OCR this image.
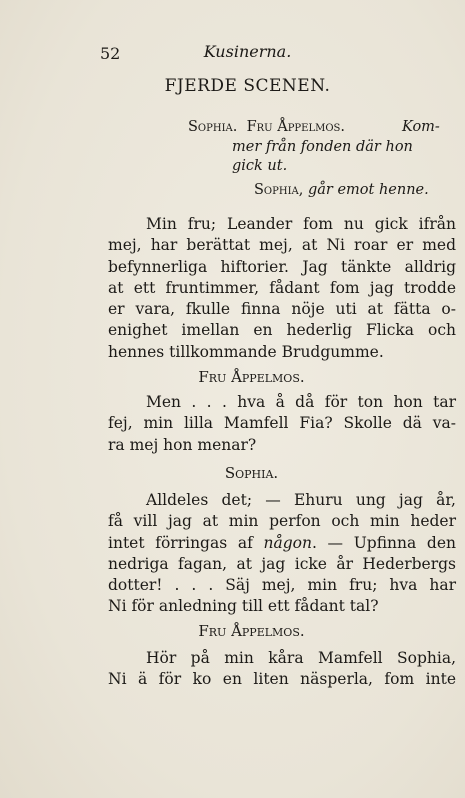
52	Kusinerna.
FJERDE SCENEN.
Sophia. Fru Åppelmos.	Kom-
mer från fonden där hon
gick ut.
Sophia, går emot henne.
Min fru; Leander fom nu gick ifrån
mej, har berättat mej, at Ni roar er med
befynnerliga hiftorier. Jag tänkte alldrig
at ett fruntimmer, fådant fom jag trodde
er vara, fkulle finna nöje uti at fätta o-
enighet imellan en hederlig Flicka och
hennes tillkommande Brudgumme.
Fru Åppelmos.
Men . . . hva å då för ton hon tar
fej, min lilla Mamfell Fia? Skolle dä va-
ra mej hon menar?
Sophia.
Alldeles det; — Ehuru ung jag år,
få vill jag at min perfon och min heder
intet förringas af någon. — Upfinna den
nedriga fagan, at jag icke år Hederbergs
dotter! . . . Säj mej, min fru; hva har
Ni för anledning till ett fådant tal?
Fru Åppelmos.
Hör på min kåra Mamfell Sophia,
Ni ä för ko en liten näsperla, fom inte
